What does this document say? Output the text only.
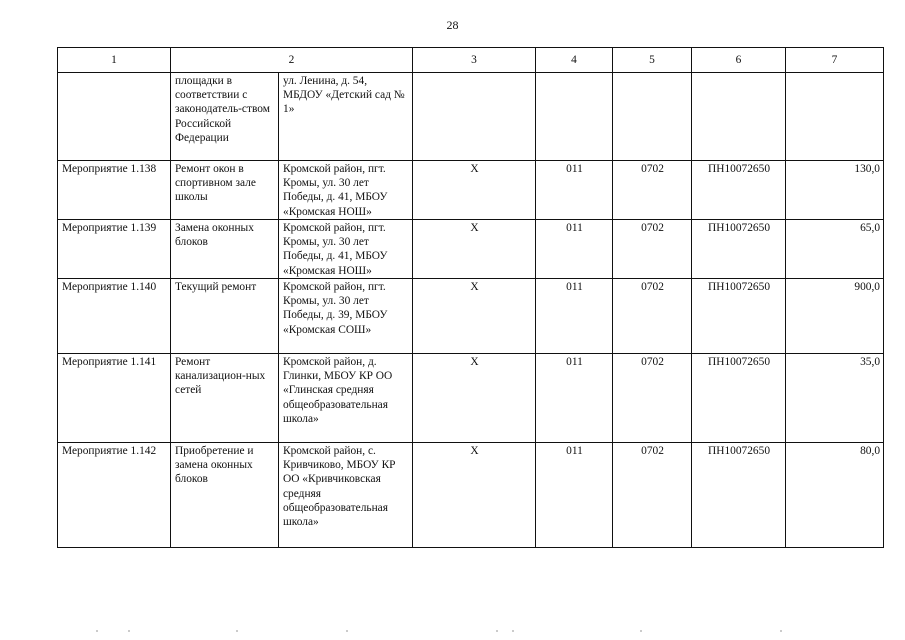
28
1	2		3	4	5	6	7
	площадки в соответствии с законодатель-ством Российской Федерации	ул. Ленина, д. 54, МБДОУ «Детский сад № 1»					
Мероприятие 1.138	Ремонт окон в спортивном зале школы	Кромской район, пгт. Кромы, ул. 30 лет Победы, д. 41, МБОУ «Кромская НОШ»	Х	011	0702	ПН10072650	130,0
Мероприятие 1.139	Замена оконных блоков	Кромской район, пгт. Кромы, ул. 30 лет Победы, д. 41, МБОУ «Кромская НОШ»	Х	011	0702	ПН10072650	65,0
Мероприятие 1.140	Текущий ремонт	Кромской район, пгт. Кромы, ул. 30 лет Победы, д. 39, МБОУ «Кромская СОШ»	Х	011	0702	ПН10072650	900,0
Мероприятие 1.141	Ремонт канализацион-ных сетей	Кромской район, д. Глинки, МБОУ КР ОО «Глинская средняя общеобразовательная школа»	Х	011	0702	ПН10072650	35,0
Мероприятие 1.142	Приобретение и замена оконных блоков	Кромской район, с. Кривчиково, МБОУ КР ОО «Кривчиковская средняя общеобразовательная школа»	Х	011	0702	ПН10072650	80,0
